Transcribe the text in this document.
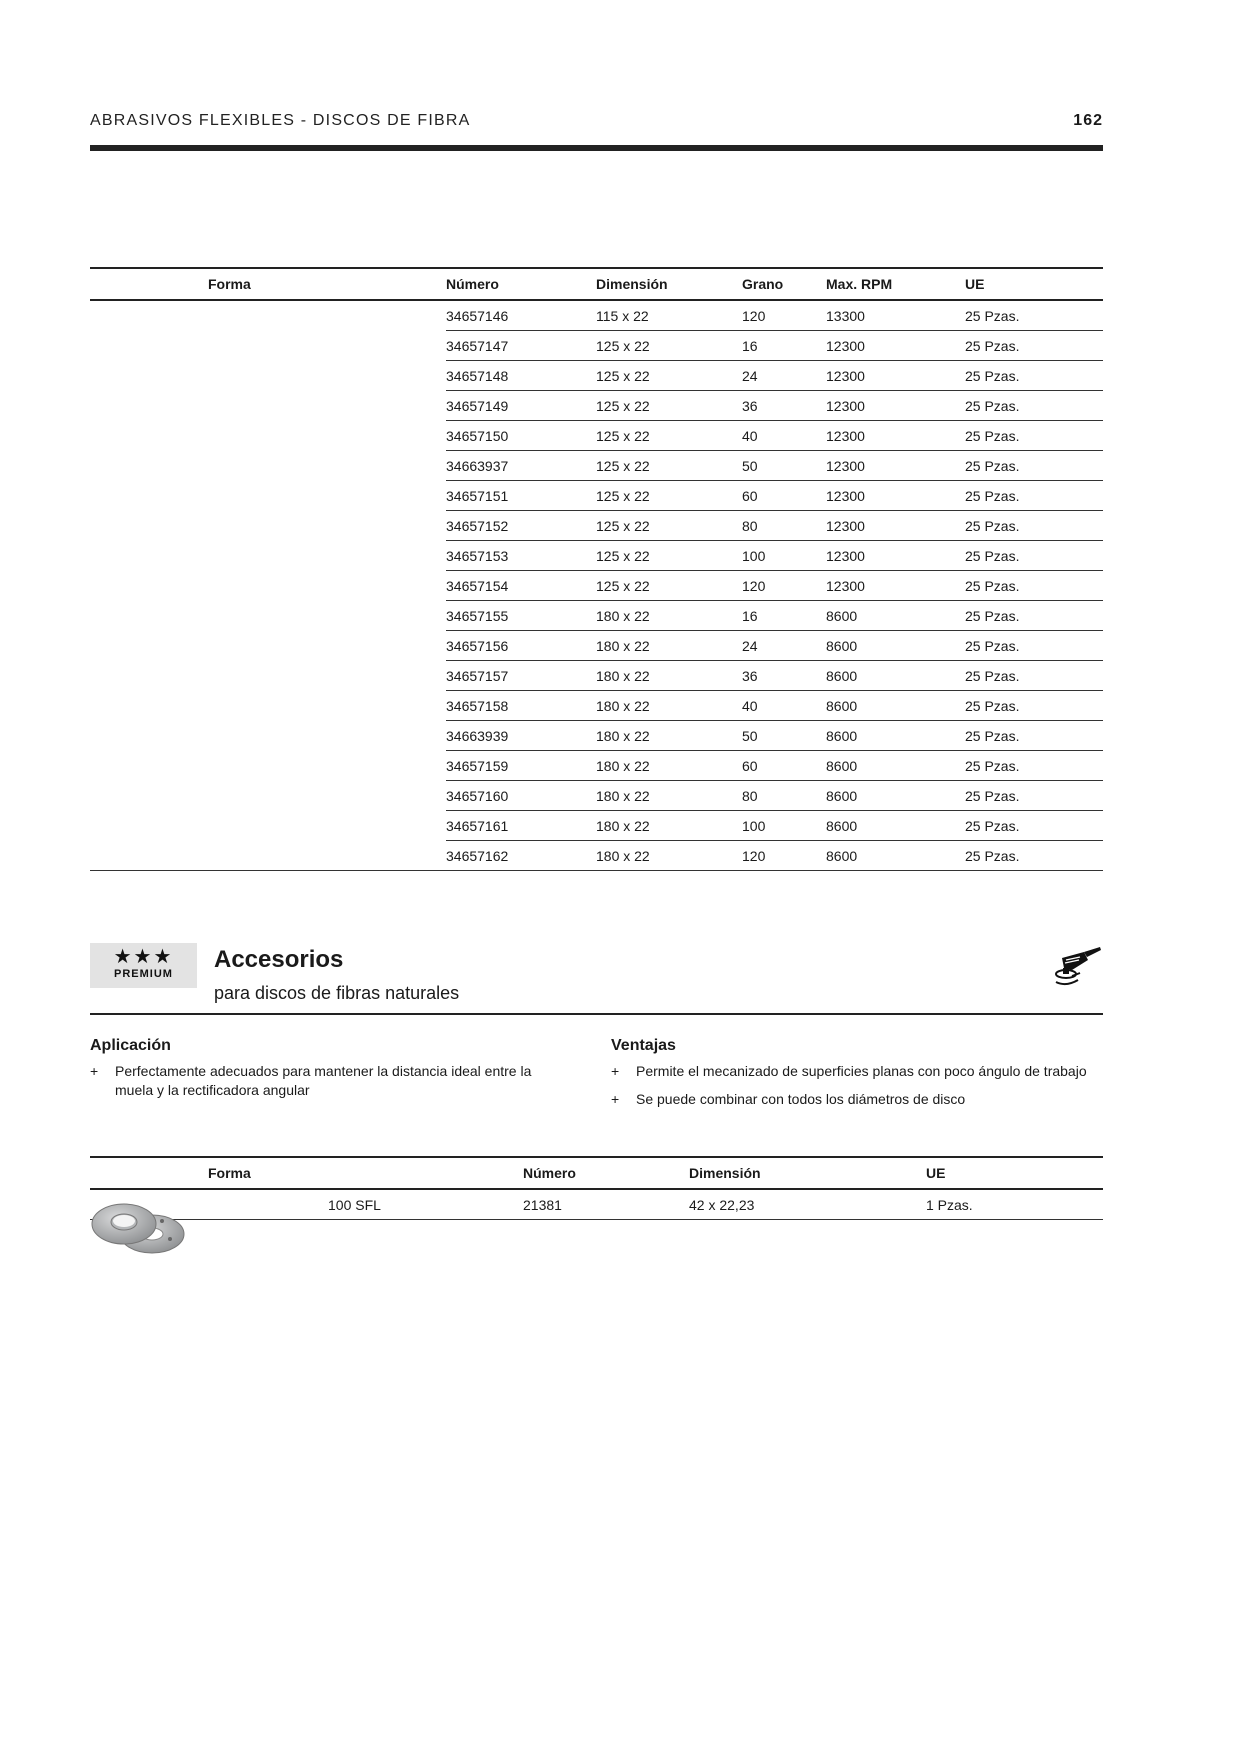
ABRASIVOS FLEXIBLES - DISCOS DE FIBRA	162
Forma	Número	Dimensión	Grano	Max. RPM	UE
	34657146	115 x 22	120	13300	25 Pzas.
	34657147	125 x 22	16	12300	25 Pzas.
	34657148	125 x 22	24	12300	25 Pzas.
	34657149	125 x 22	36	12300	25 Pzas.
	34657150	125 x 22	40	12300	25 Pzas.
	34663937	125 x 22	50	12300	25 Pzas.
	34657151	125 x 22	60	12300	25 Pzas.
	34657152	125 x 22	80	12300	25 Pzas.
	34657153	125 x 22	100	12300	25 Pzas.
	34657154	125 x 22	120	12300	25 Pzas.
	34657155	180 x 22	16	8600	25 Pzas.
	34657156	180 x 22	24	8600	25 Pzas.
	34657157	180 x 22	36	8600	25 Pzas.
	34657158	180 x 22	40	8600	25 Pzas.
	34663939	180 x 22	50	8600	25 Pzas.
	34657159	180 x 22	60	8600	25 Pzas.
	34657160	180 x 22	80	8600	25 Pzas.
	34657161	180 x 22	100	8600	25 Pzas.
	34657162	180 x 22	120	8600	25 Pzas.
★★★
PREMIUM
Accesorios
para discos de fibras naturales
Aplicación
+ Perfectamente adecuados para mantener la distancia ideal entre la muela y la rectificadora angular
Ventajas
+ Permite el mecanizado de superficies planas con poco ángulo de trabajo
+ Se puede combinar con todos los diámetros de disco
Forma		Número	Dimensión	UE

	100 SFL	21381	42 x 22,23	1 Pzas.
